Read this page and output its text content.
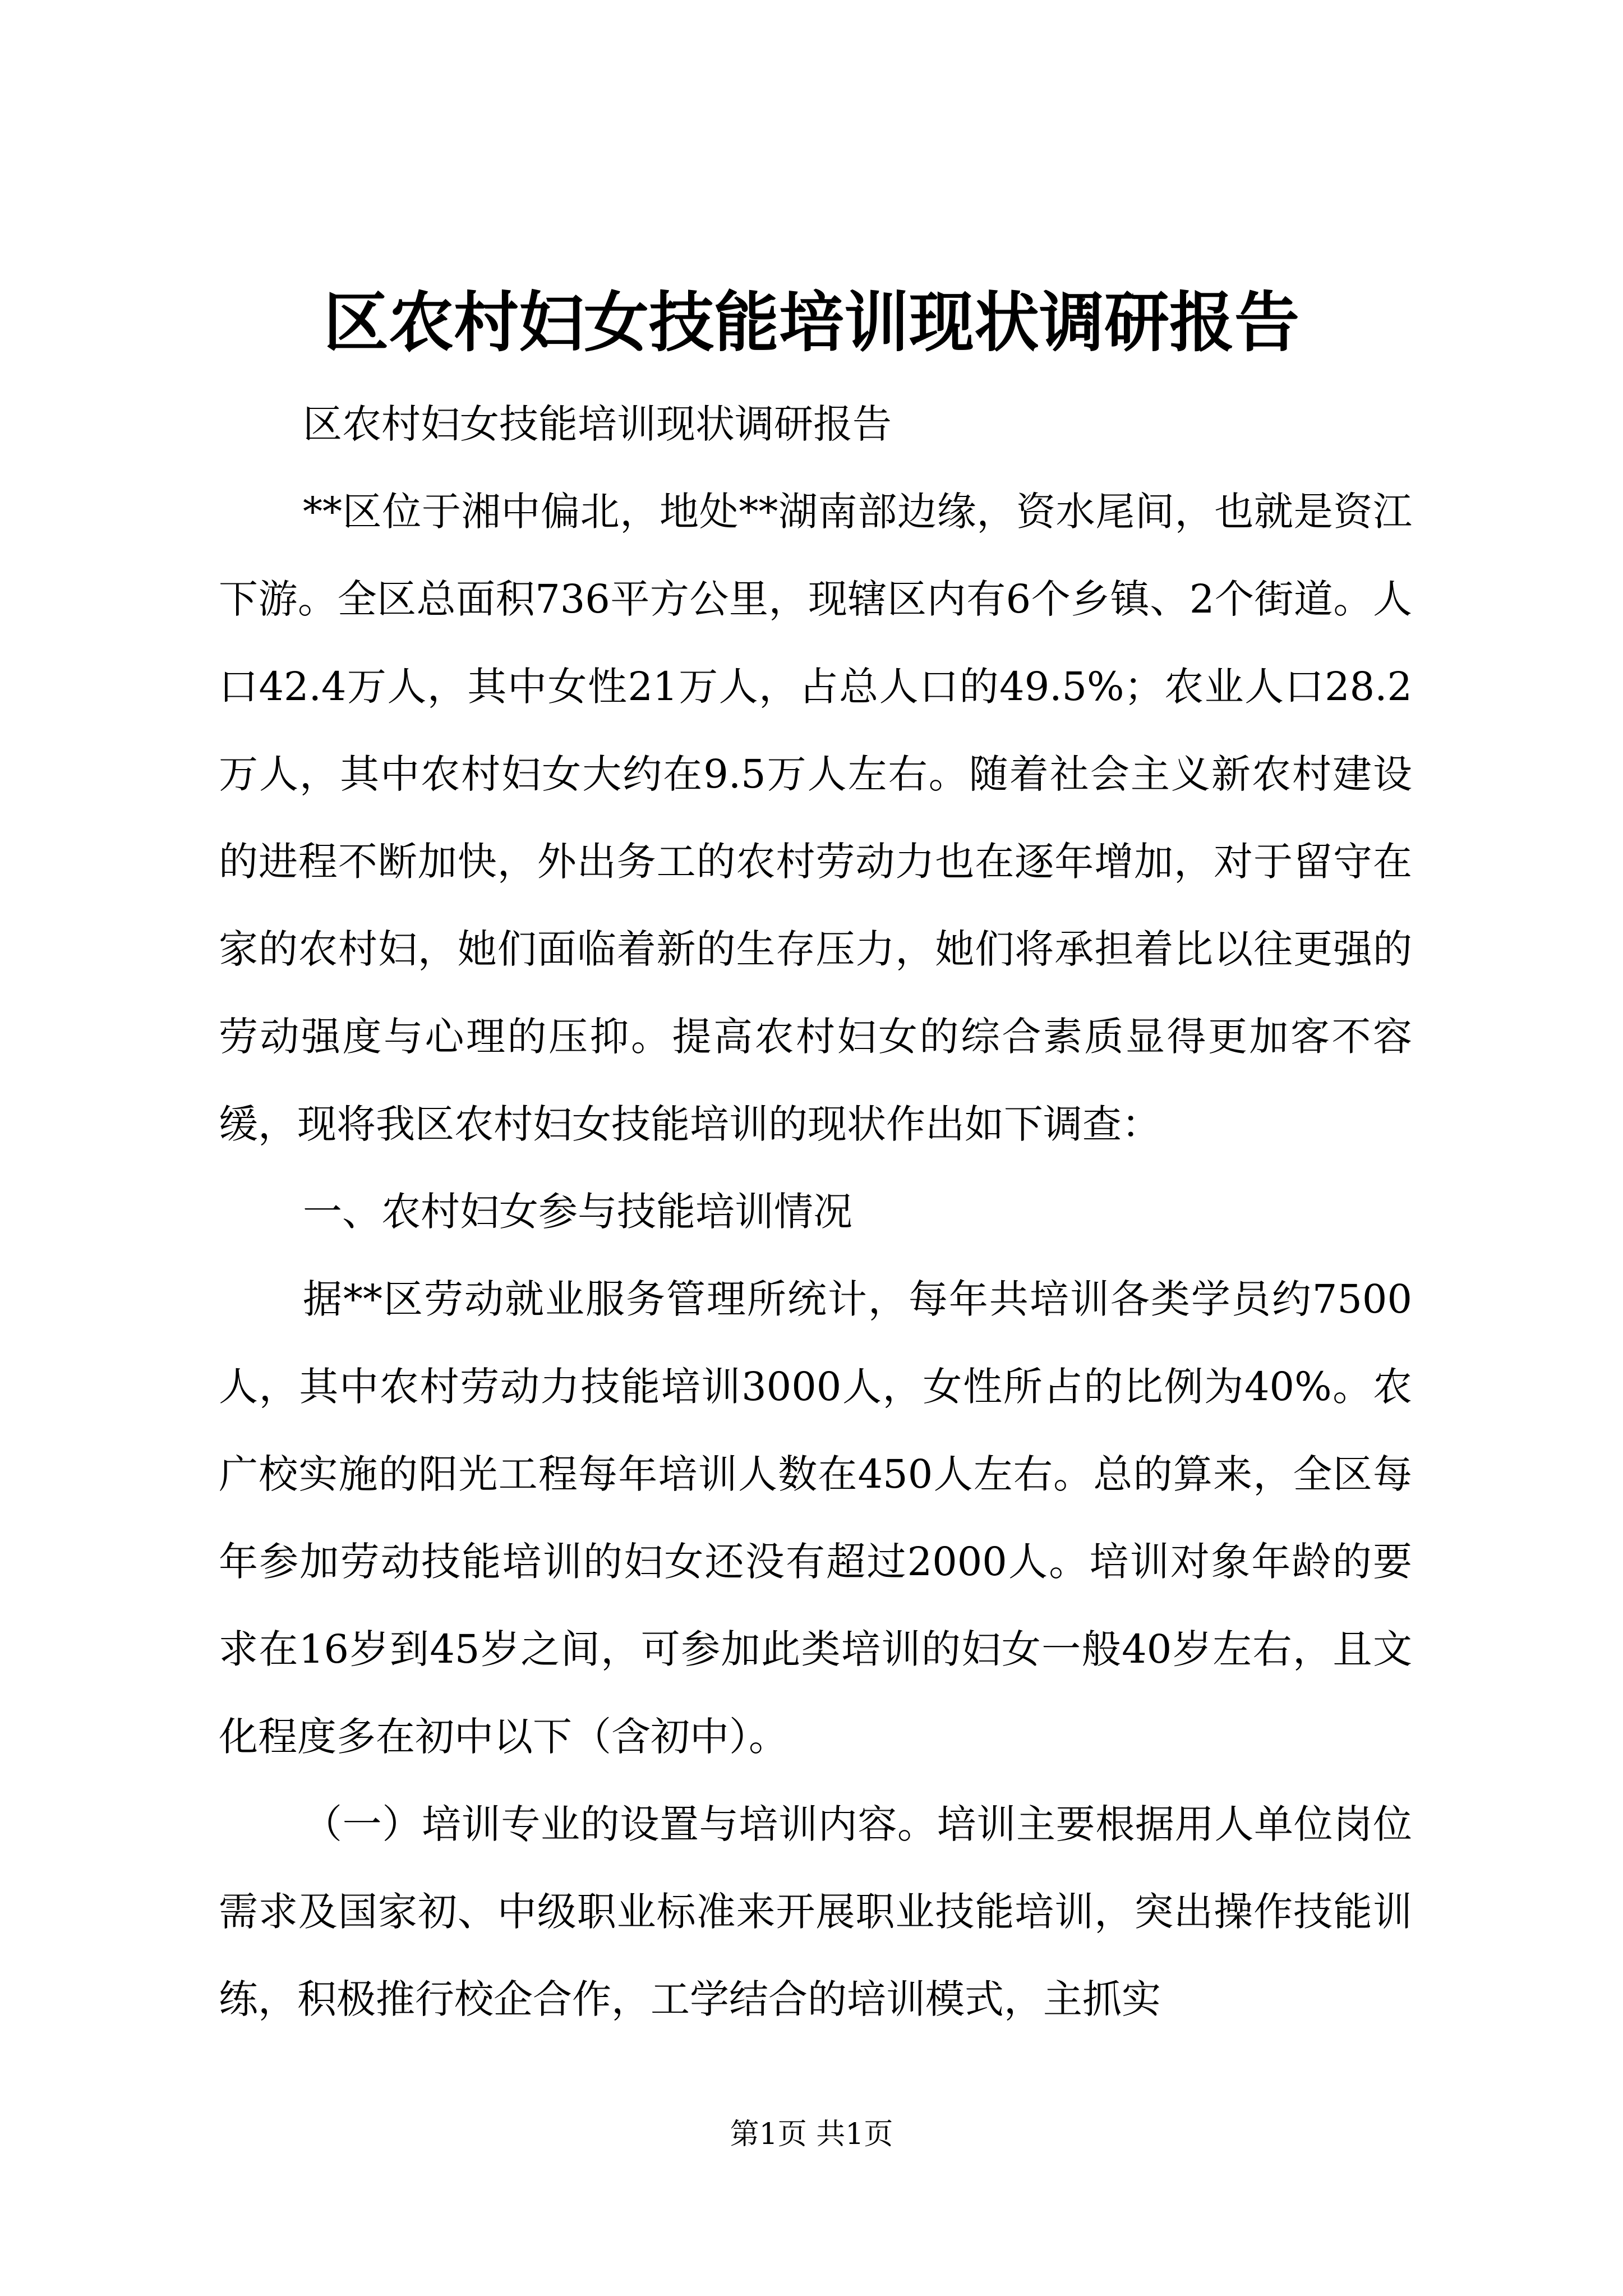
区农村妇女技能培训现状调研报告

区农村妇女技能培训现状调研报告

**区位于湘中偏北，地处**湖南部边缘，资水尾间，也就是资江下游。全区总面积736平方公里，现辖区内有6个乡镇、2个街道。人口42.4万人，其中女性21万人，占总人口的49.5%；农业人口28.2万人，其中农村妇女大约在9.5万人左右。随着社会主义新农村建设的进程不断加快，外出务工的农村劳动力也在逐年增加，对于留守在家的农村妇，她们面临着新的生存压力，她们将承担着比以往更强的劳动强度与心理的压抑。提高农村妇女的综合素质显得更加客不容缓，现将我区农村妇女技能培训的现状作出如下调查：

一、农村妇女参与技能培训情况

据**区劳动就业服务管理所统计，每年共培训各类学员约7500人，其中农村劳动力技能培训3000人，女性所占的比例为40%。农广校实施的阳光工程每年培训人数在450人左右。总的算来，全区每年参加劳动技能培训的妇女还没有超过2000人。培训对象年龄的要求在16岁到45岁之间，可参加此类培训的妇女一般40岁左右，且文化程度多在初中以下（含初中）。

（一）培训专业的设置与培训内容。培训主要根据用人单位岗位需求及国家初、中级职业标准来开展职业技能培训，突出操作技能训练，积极推行校企合作，工学结合的培训模式，主抓实

第1页 共1页
